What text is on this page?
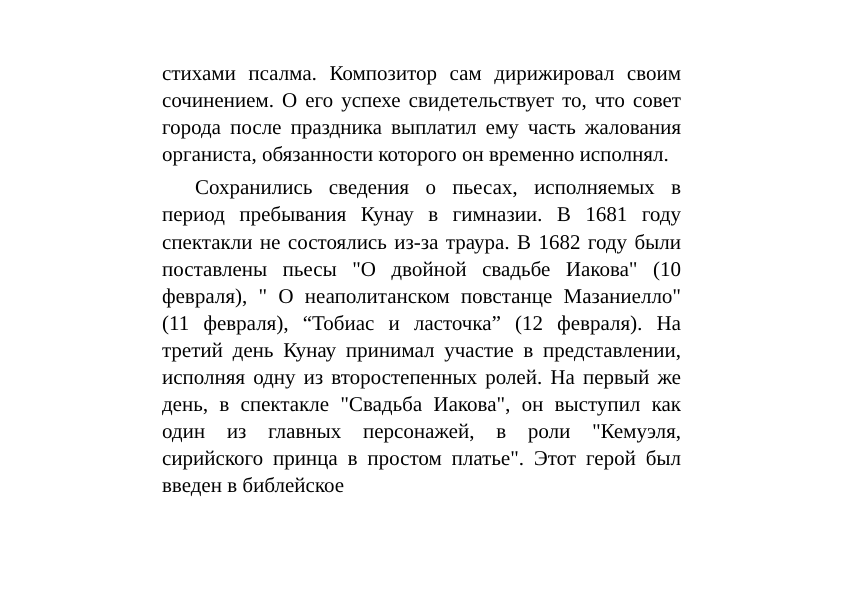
стихами псалма. Композитор сам дирижировал своим сочинением. О его успехе свидетельствует то, что совет города после праздника выплатил ему часть жалования органиста, обязанности которого он временно исполнял.

Сохранились сведения о пьесах, исполняемых в период пребывания Кунау в гимназии. В 1681 году спектакли не состоялись из-за траура. В 1682 году были поставлены пьесы "О двойной свадьбе Иакова" (10 февраля), " О неаполитанском повстанце Мазаниелло" (11 февраля), “Тобиас и ласточка” (12 февраля). На третий день Кунау принимал участие в представлении, исполняя одну из второстепенных ролей. На первый же день, в спектакле "Свадьба Иакова", он выступил как один из главных персонажей, в роли "Кемуэля, сирийского принца в простом платье". Этот герой был введен в библейское
